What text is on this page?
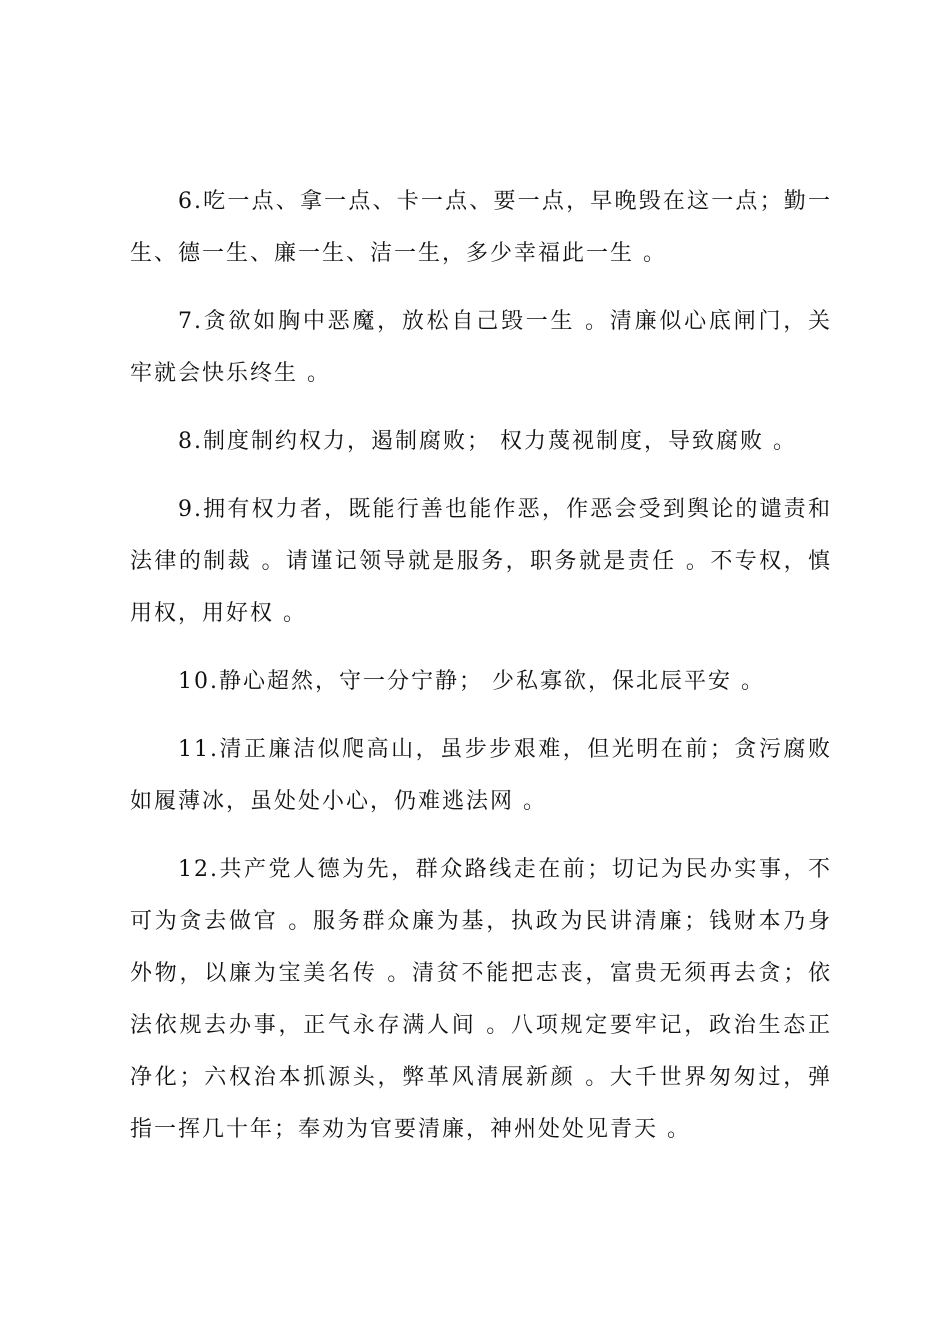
6.吃一点、拿一点、卡一点、要一点，早晚毁在这一点；勤一生、德一生、廉一生、洁一生，多少幸福此一生 。

7.贪欲如胸中恶魔，放松自己毁一生 。清廉似心底闸门，关牢就会快乐终生 。

8.制度制约权力，遏制腐败； 权力蔑视制度，导致腐败 。

9.拥有权力者，既能行善也能作恶，作恶会受到舆论的谴责和法律的制裁 。请谨记领导就是服务，职务就是责任 。不专权，慎用权，用好权 。

10.静心超然，守一分宁静； 少私寡欲，保北辰平安 。

11.清正廉洁似爬高山，虽步步艰难，但光明在前；贪污腐败如履薄冰，虽处处小心，仍难逃法网 。

12.共产党人德为先，群众路线走在前；切记为民办实事，不可为贪去做官 。服务群众廉为基，执政为民讲清廉；钱财本乃身外物，以廉为宝美名传 。清贫不能把志丧，富贵无须再去贪；依法依规去办事，正气永存满人间 。八项规定要牢记，政治生态正净化；六权治本抓源头，弊革风清展新颜 。大千世界匆匆过，弹指一挥几十年；奉劝为官要清廉，神州处处见青天 。
